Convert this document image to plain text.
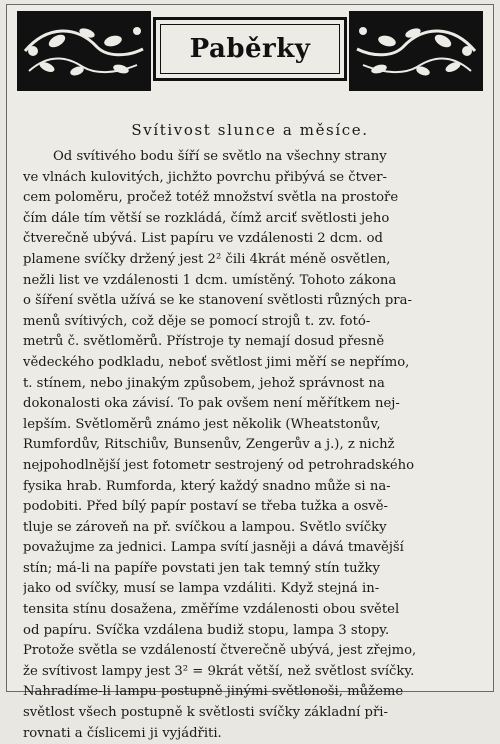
Paběrky
Svítivost slunce a měsíce.
Od svítivého bodu šíří se světlo na všechny strany
ve vlnách kulovitých, jichžto povrchu přibývá se čtver-
cem poloměru, pročež totéž množství světla na prostoře
čím dále tím větší se rozkládá, čímž arciť světlosti jeho
čtverečně ubývá. List papíru ve vzdálenosti 2 dcm. od
plamene svíčky držený jest 2² čili 4krát méně osvětlen,
nežli list ve vzdálenosti 1 dcm. umístěný. Tohoto zákona
o šíření světla užívá se ke stanovení světlosti různých pra-
menů svítivých, což děje se pomocí strojů t. zv. fotó-
metrů č. světloměrů. Přístroje ty nemají dosud přesně
vědeckého podkladu, neboť světlost jimi měří se nepřímo,
t. stínem, nebo jinakým způsobem, jehož správnost na
dokonalosti oka závisí. To pak ovšem není měřítkem nej-
lepším. Světloměrů známo jest několik (Wheatstonův,
Rumfordův, Ritschiův, Bunsenův, Zengerův a j.), z nichž
nejpohodlnější jest fotometr sestrojený od petrohradského
fysika hrab. Rumforda, který každý snadno může si na-
podobiti. Před bílý papír postaví se třeba tužka a osvě-
tluje se zároveň na př. svíčkou a lampou. Světlo svíčky
považujme za jednici. Lampa svítí jasněji a dává tmavější
stín; má-li na papíře povstati jen tak temný stín tužky
jako od svíčky, musí se lampa vzdáliti. Když stejná in-
tensita stínu dosažena, změříme vzdálenosti obou světel
od papíru. Svíčka vzdálena budiž stopu, lampa 3 stopy.
Protože světla se vzdáleností čtverečně ubývá, jest zřejmo,
že svítivost lampy jest 3² = 9krát větší, než světlost svíčky.
Nahradíme-li lampu postupně jinými světlonoši, můžeme
světlost všech postupně k světlosti svíčky základní při-
rovnati a číslicemi ji vyjádřiti.
